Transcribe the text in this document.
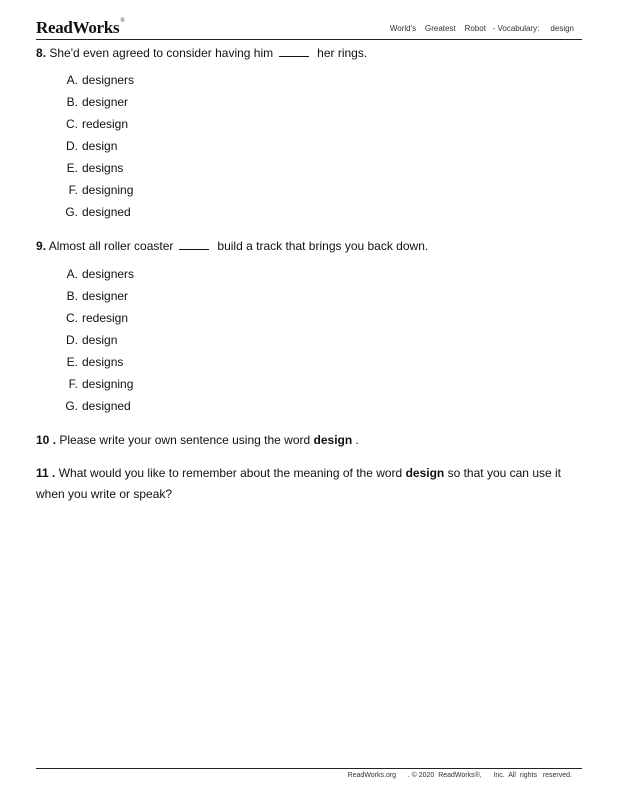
ReadWorks®
World's    Greatest    Robot   - Vocabulary:     design
8. She'd even agreed to consider having him	her rings.
A. designers
B. designer
C. redesign
D. design
E. designs
F. designing
G. designed
9. Almost all roller coaster	build a track that brings you back down.
A. designers
B. designer
C. redesign
D. design
E. designs
F. designing
G. designed
10 . Please write your own sentence using the word design .
11 . What would you like to remember about the meaning of the word design so that you can use it when you write or speak?
ReadWorks.org      . © 2020  ReadWorks®,      Inc.  All  rights   reserved.
